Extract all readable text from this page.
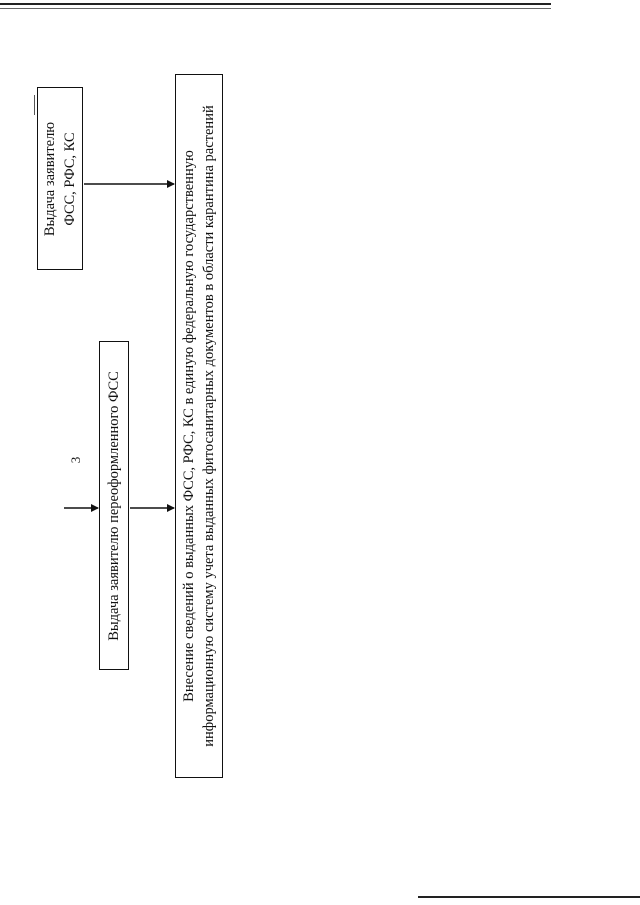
3
Выдача заявителю ФСС, РФС, КС
Выдача заявителю переоформленного ФСС	Внесение сведений о выданных ФСС, РФС, КС в единую федеральную государственную информационную систему учета выданных фитосанитарных документов в области карантина растений
